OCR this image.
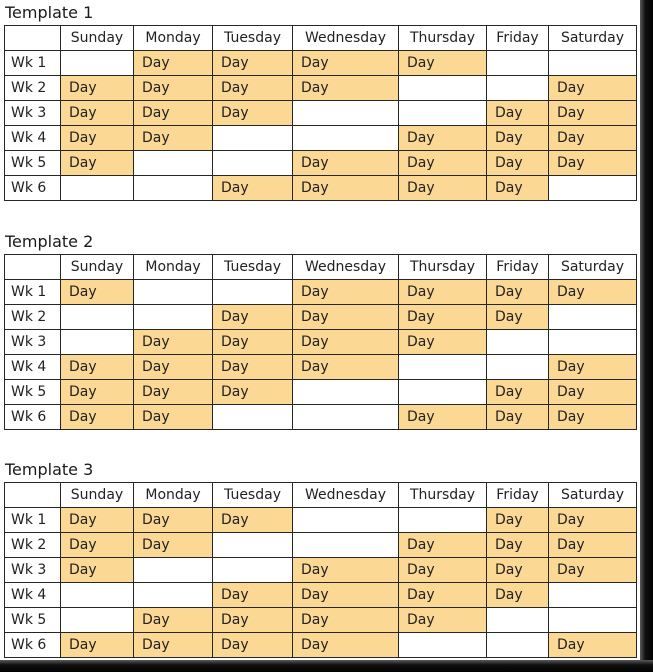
Template 1
	Sunday	Monday	Tuesday	Wednesday	Thursday	Friday	Saturday
Wk 1		Day	Day	Day	Day		
Wk 2	Day	Day	Day	Day			Day
Wk 3	Day	Day	Day			Day	Day
Wk 4	Day	Day			Day	Day	Day
Wk 5	Day			Day	Day	Day	Day
Wk 6			Day	Day	Day	Day	
Template 2
	Sunday	Monday	Tuesday	Wednesday	Thursday	Friday	Saturday
Wk 1	Day			Day	Day	Day	Day
Wk 2			Day	Day	Day	Day	
Wk 3		Day	Day	Day	Day		
Wk 4	Day	Day	Day	Day			Day
Wk 5	Day	Day	Day			Day	Day
Wk 6	Day	Day			Day	Day	Day
Template 3
	Sunday	Monday	Tuesday	Wednesday	Thursday	Friday	Saturday
Wk 1	Day	Day	Day			Day	Day
Wk 2	Day	Day			Day	Day	Day
Wk 3	Day			Day	Day	Day	Day
Wk 4			Day	Day	Day	Day	
Wk 5		Day	Day	Day	Day		
Wk 6	Day	Day	Day	Day			Day
